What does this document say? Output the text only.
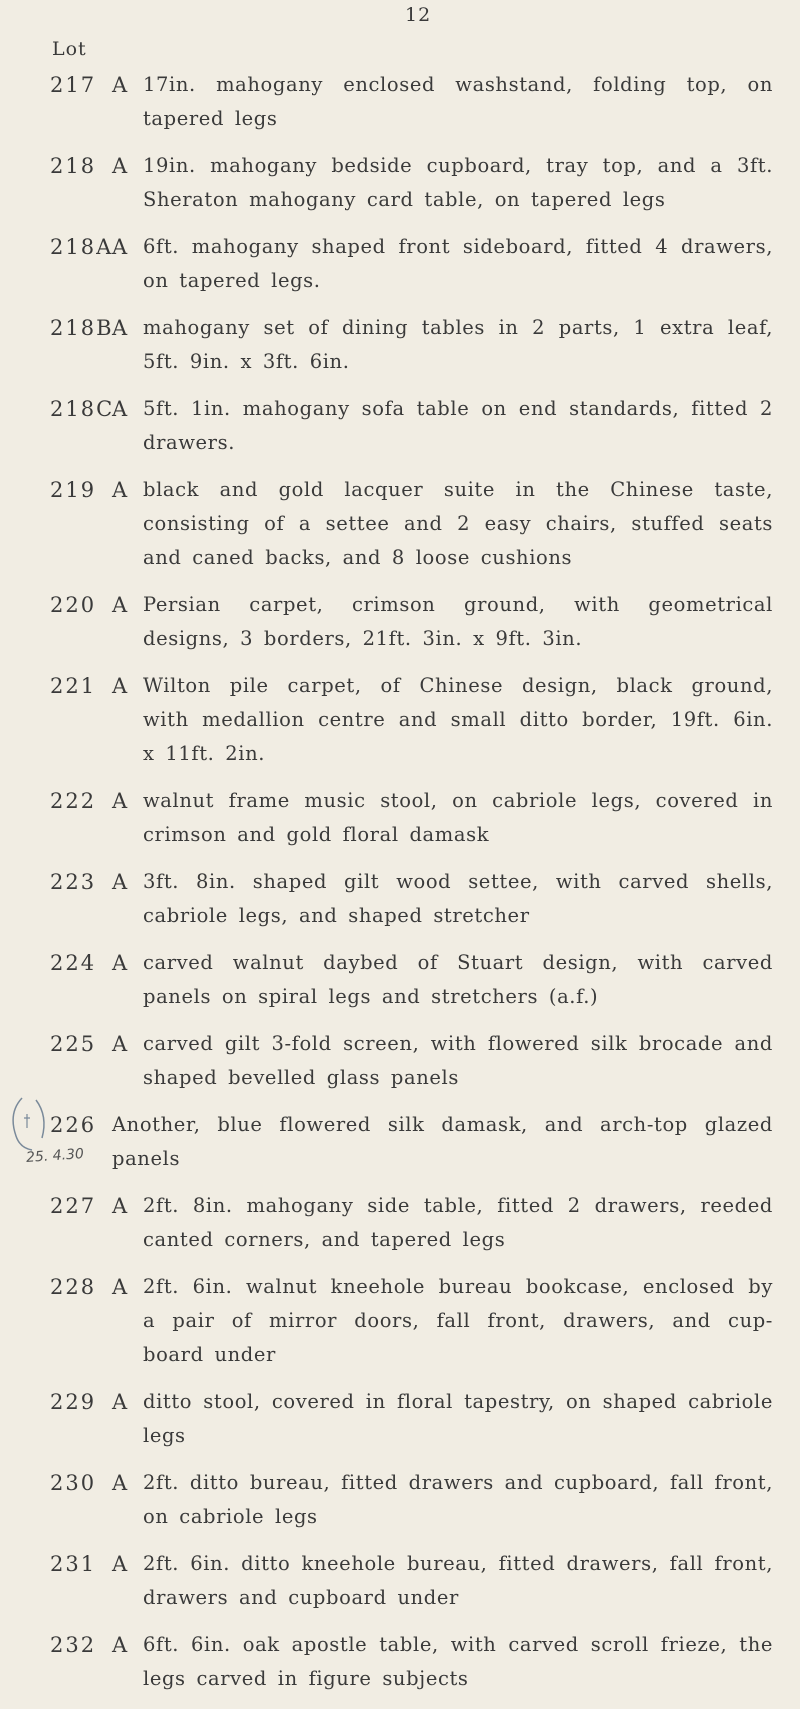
12
Lot
25. 4.30
217 A 17in. mahogany enclosed washstand, folding top, on tapered legs
218 A 19in. mahogany bedside cupboard, tray top, and a 3ft. Sheraton mahogany card table, on tapered legs
218A
A 6ft. mahogany shaped front sideboard, fitted 4 drawers, on tapered legs.
218B
A mahogany set of dining tables in 2 parts, 1 extra leaf, 5ft. 9in. x 3ft. 6in.
218C
A 5ft. 1in. mahogany sofa table on end standards, fitted 2 drawers.
219 A black and gold lacquer suite in the Chinese taste, consisting of a settee and 2 easy chairs, stuffed seats and caned backs, and 8 loose cushions
220 A Persian carpet, crimson ground, with geometrical designs, 3 borders, 21ft. 3in. x 9ft. 3in.
221 A Wilton pile carpet, of Chinese design, black ground, with medallion centre and small ditto border, 19ft. 6in. x 11ft. 2in.
222 A walnut frame music stool, on cabriole legs, covered in crimson and gold floral damask
223 A 3ft. 8in. shaped gilt wood settee, with carved shells, cabriole legs, and shaped stretcher
224 A carved walnut daybed of Stuart design, with carved panels on spiral legs and stretchers (a.f.)
225 A carved gilt 3-fold screen, with flowered silk brocade and shaped bevelled glass panels
226 Another, blue flowered silk damask, and arch-top glazed panels
227 A 2ft. 8in. mahogany side table, fitted 2 drawers, reeded canted corners, and tapered legs
228 A 2ft. 6in. walnut kneehole bureau bookcase, enclosed by a pair of mirror doors, fall front, drawers, and cup-board under
229 A ditto stool, covered in floral tapestry, on shaped cabriole legs
230 A 2ft. ditto bureau, fitted drawers and cupboard, fall front, on cabriole legs
231 A 2ft. 6in. ditto kneehole bureau, fitted drawers, fall front, drawers and cupboard under
232 A 6ft. 6in. oak apostle table, with carved scroll frieze, the legs carved in figure subjects
